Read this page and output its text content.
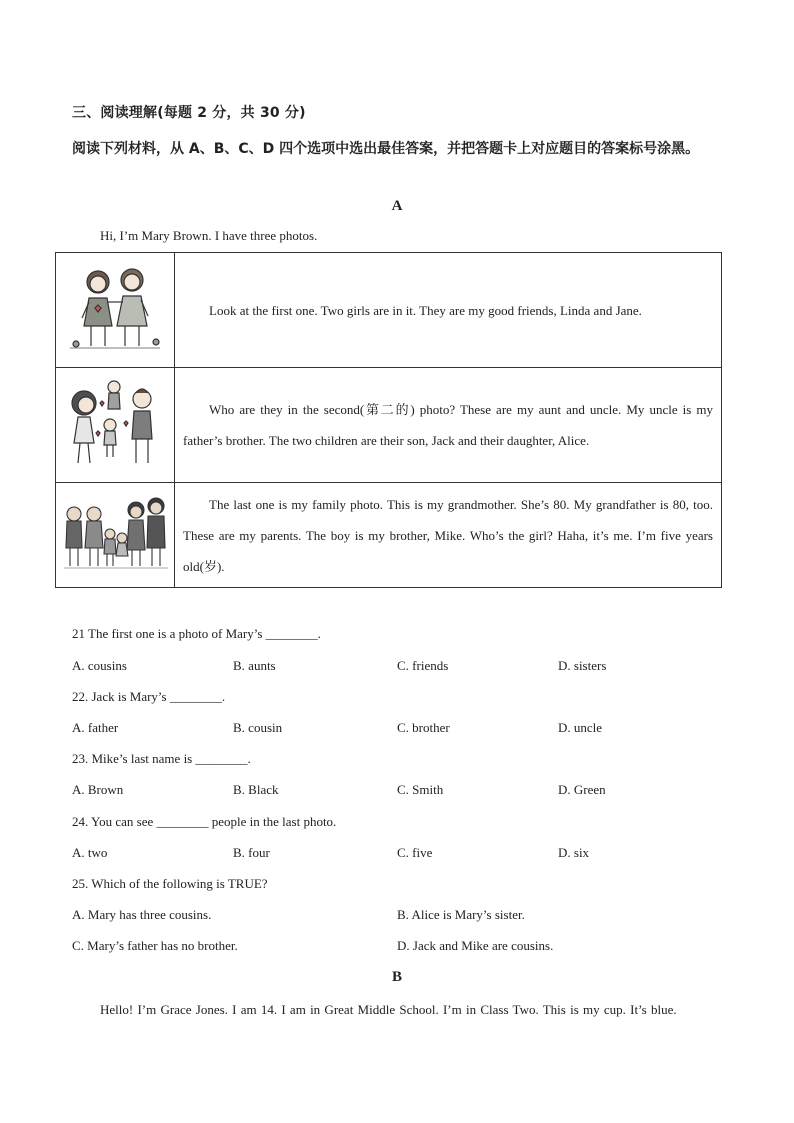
三、阅读理解(每题 2 分，共 30 分)
阅读下列材料，从 A、B、C、D 四个选项中选出最佳答案，并把答题卡上对应题目的答案标号涂黑。
A
Hi, I’m Mary Brown. I have three photos.

Look at the first one. Two girls are in it. They are my good friends, Linda and Jane.

Who are they in the second(第二的) photo? These are my aunt and uncle. My uncle is my father’s brother. The two children are their son, Jack and their daughter, Alice.

The last one is my family photo. This is my grandmother. She’s 80. My grandfather is 80, too. These are my parents. The boy is my brother, Mike. Who’s the girl? Haha, it’s me. I’m five years old(岁).

21 The first one is a photo of Mary’s ________.
A. cousins	B. aunts	C. friends	D. sisters
22. Jack is Mary’s ________.
A. father	B. cousin	C. brother	D. uncle
23. Mike’s last name is ________.
A. Brown	B. Black	C. Smith	D. Green
24. You can see ________ people in the last photo.
A. two	B. four	C. five	D. six
25. Which of the following is TRUE?
A. Mary has three cousins.	B. Alice is Mary’s sister.
C. Mary’s father has no brother.	D. Jack and Mike are cousins.
B
Hello! I’m Grace Jones. I am 14. I am in Great Middle School. I’m in Class Two. This is my cup. It’s blue.
